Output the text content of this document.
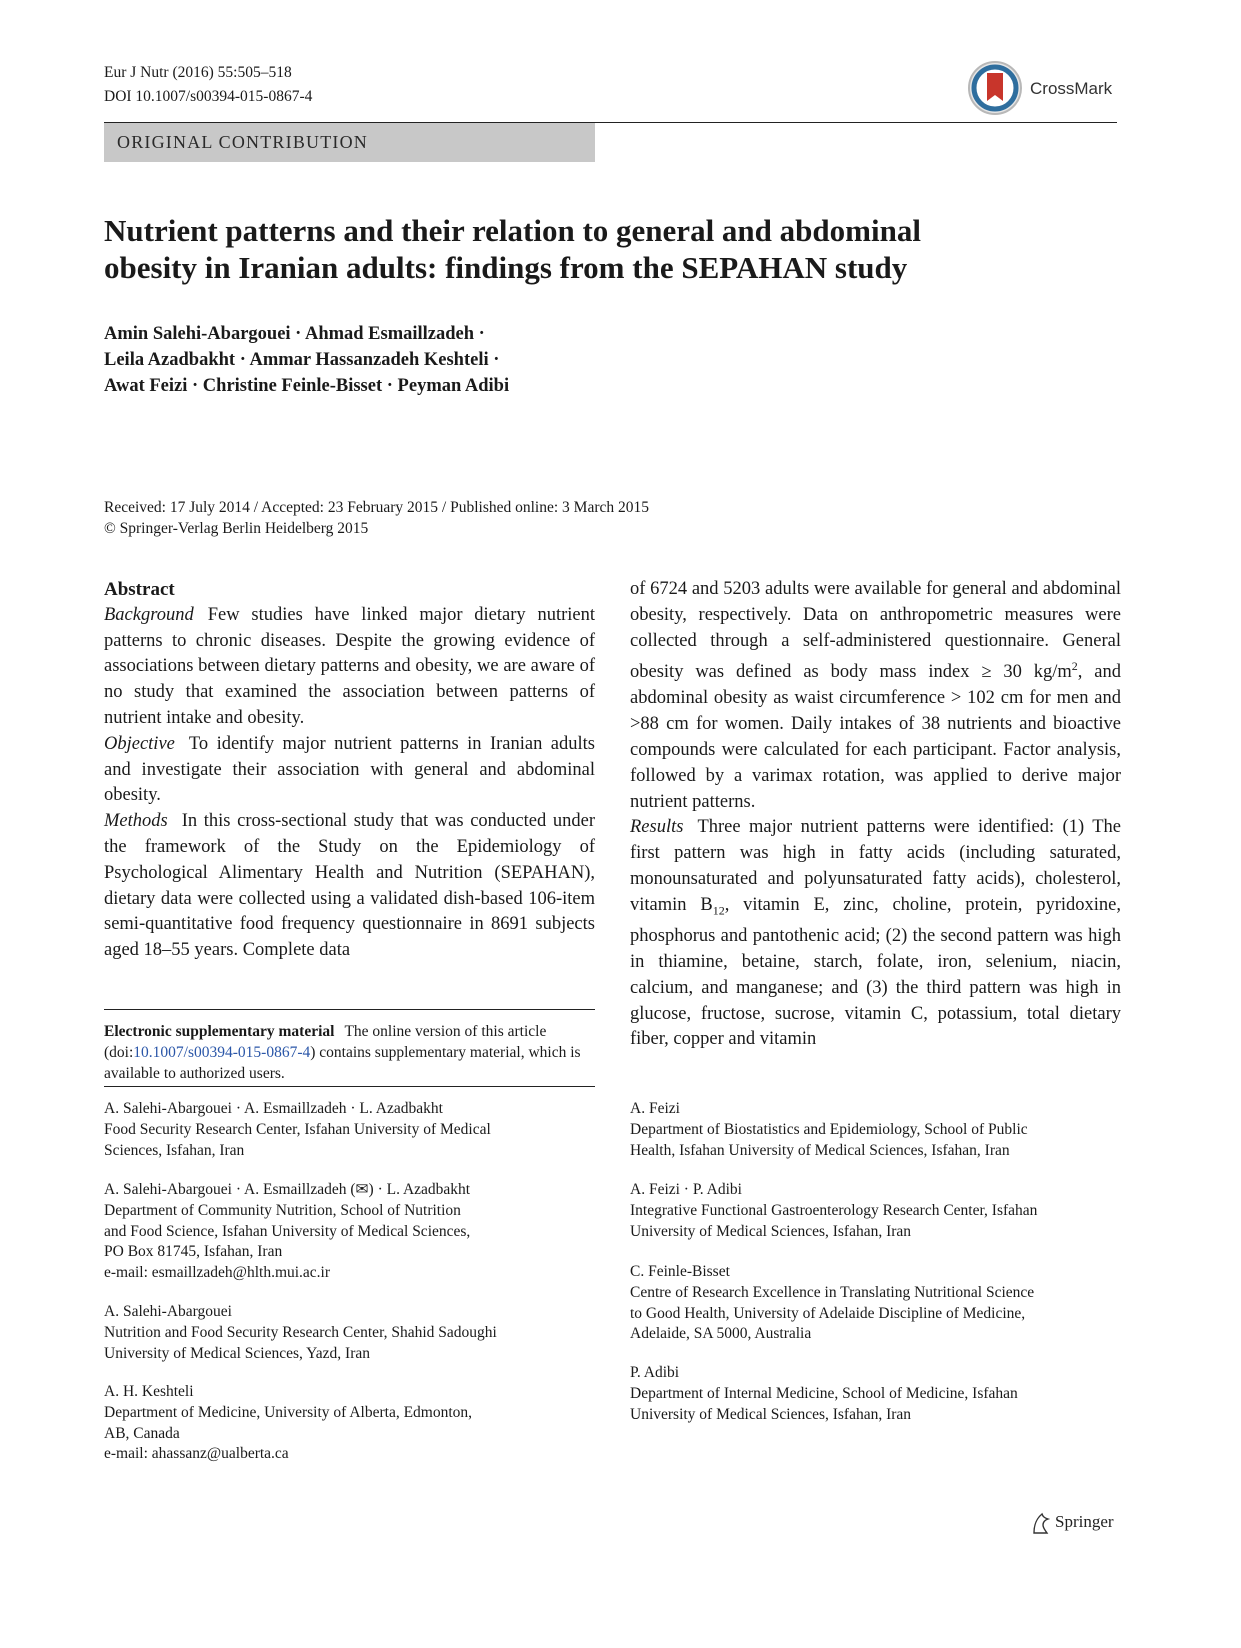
Eur J Nutr (2016) 55:505–518
DOI 10.1007/s00394-015-0867-4	CrossMark
ORIGINAL CONTRIBUTION
Nutrient patterns and their relation to general and abdominal
obesity in Iranian adults: findings from the SEPAHAN study
Amin Salehi-Abargouei · Ahmad Esmaillzadeh ·
Leila Azadbakht · Ammar Hassanzadeh Keshteli ·
Awat Feizi · Christine Feinle-Bisset · Peyman Adibi
Received: 17 July 2014 / Accepted: 23 February 2015 / Published online: 3 March 2015
© Springer-Verlag Berlin Heidelberg 2015

Abstract

Background Few studies have linked major dietary nutrient patterns to chronic diseases. Despite the growing evidence of associations between dietary patterns and obesity, we are aware of no study that examined the association between patterns of nutrient intake and obesity.

Objective To identify major nutrient patterns in Iranian adults and investigate their association with general and abdominal obesity.

Methods In this cross-sectional study that was conducted under the framework of the Study on the Epidemiology of Psychological Alimentary Health and Nutrition (SEPAHAN), dietary data were collected using a validated dish-based 106-item semi-quantitative food frequency questionnaire in 8691 subjects aged 18–55 years. Complete data

of 6724 and 5203 adults were available for general and abdominal obesity, respectively. Data on anthropometric measures were collected through a self-administered questionnaire. General obesity was defined as body mass index ≥ 30 $kg/m^2$, and abdominal obesity as waist circumference > 102 cm for men and >88 cm for women. Daily intakes of 38 nutrients and bioactive compounds were calculated for each participant. Factor analysis, followed by a varimax rotation, was applied to derive major nutrient patterns.

Results Three major nutrient patterns were identified: (1) The first pattern was high in fatty acids (including saturated, monounsaturated and polyunsaturated fatty acids), cholesterol, vitamin $B_{12}$, vitamin E, zinc, choline, protein, pyridoxine, phosphorus and pantothenic acid; (2) the second pattern was high in thiamine, betaine, starch, folate, iron, selenium, niacin, calcium, and manganese; and (3) the third pattern was high in glucose, fructose, sucrose, vitamin C, potassium, total dietary fiber, copper and vitamin

Electronic supplementary material The online version of this article (doi:10.1007/s00394-015-0867-4) contains supplementary material, which is available to authorized users.

A. Salehi-Abargouei · A. Esmaillzadeh · L. Azadbakht

Food Security Research Center, Isfahan University of Medical

Sciences, Isfahan, Iran

A. Salehi-Abargouei · A. Esmaillzadeh (✉) · L. Azadbakht

Department of Community Nutrition, School of Nutrition

and Food Science, Isfahan University of Medical Sciences,

PO Box 81745, Isfahan, Iran

e-mail: esmaillzadeh@hlth.mui.ac.ir

A. Salehi-Abargouei

Nutrition and Food Security Research Center, Shahid Sadoughi

University of Medical Sciences, Yazd, Iran

A. H. Keshteli

Department of Medicine, University of Alberta, Edmonton,

AB, Canada

e-mail: ahassanz@ualberta.ca

A. Feizi

Department of Biostatistics and Epidemiology, School of Public

Health, Isfahan University of Medical Sciences, Isfahan, Iran

A. Feizi · P. Adibi

Integrative Functional Gastroenterology Research Center, Isfahan

University of Medical Sciences, Isfahan, Iran

C. Feinle-Bisset

Centre of Research Excellence in Translating Nutritional Science

to Good Health, University of Adelaide Discipline of Medicine,

Adelaide, SA 5000, Australia

P. Adibi

Department of Internal Medicine, School of Medicine, Isfahan

University of Medical Sciences, Isfahan, Iran

Springer
